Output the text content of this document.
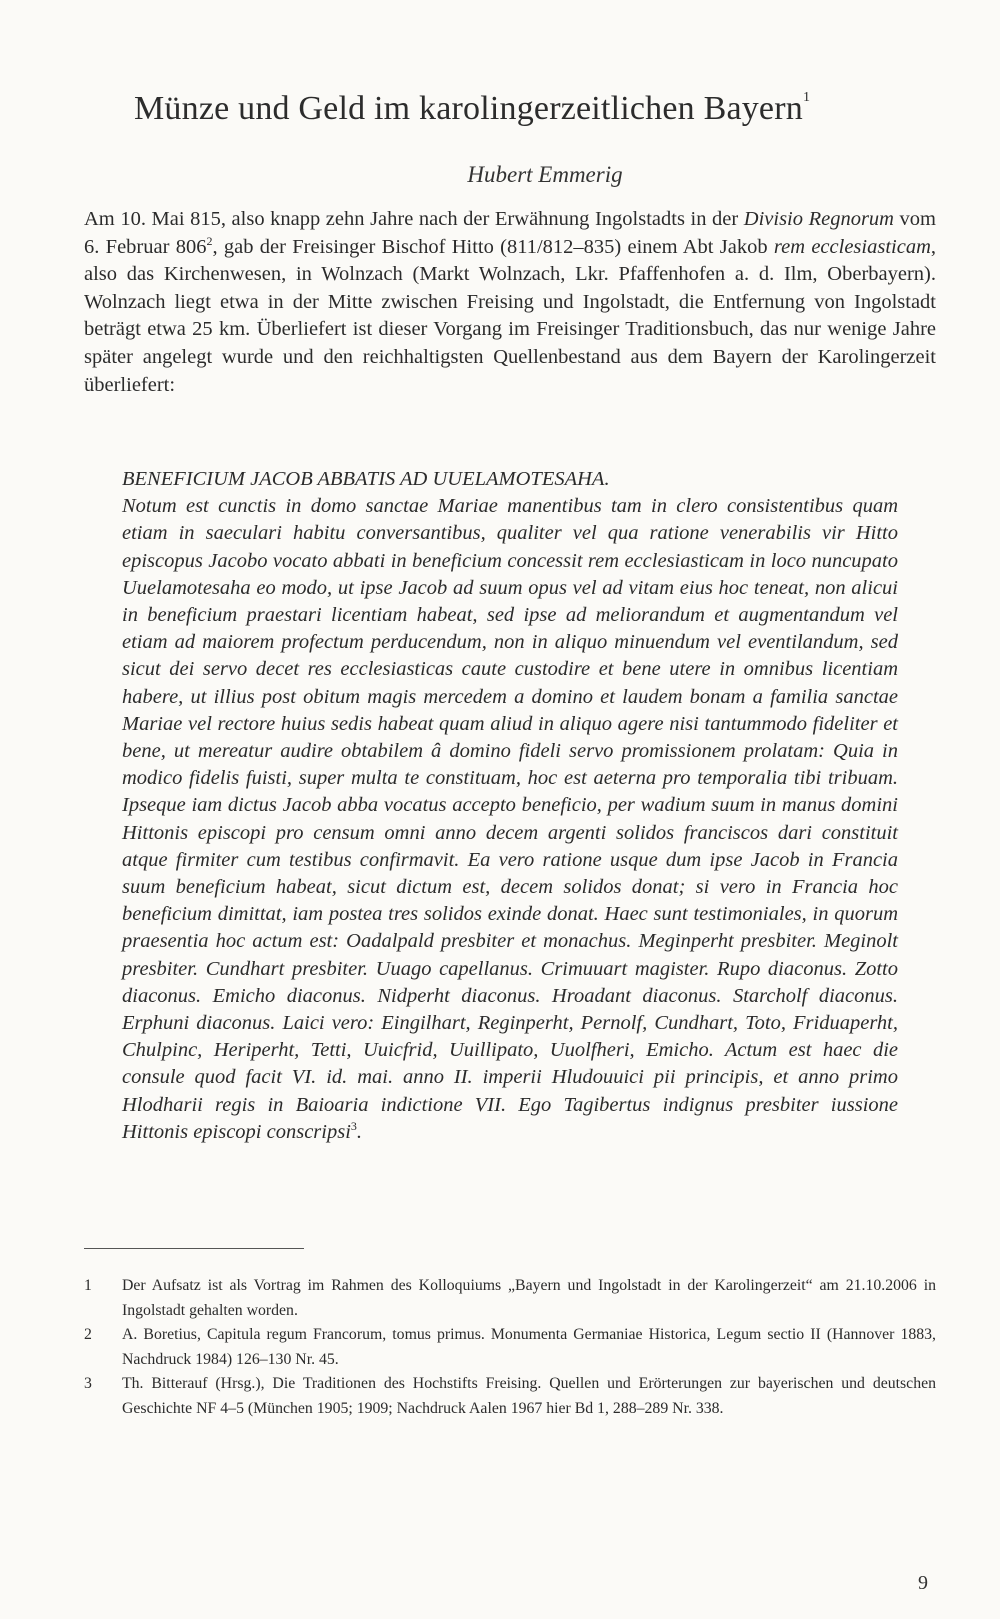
Münze und Geld im karolingerzeitlichen Bayern$^1$
Hubert Emmerig

Am 10. Mai 815, also knapp zehn Jahre nach der Erwähnung Ingolstadts in der Divisio Regnorum vom 6. Februar $806^2$, gab der Freisinger Bischof Hitto (811/812–835) einem Abt Jakob rem ecclesiasticam, also das Kirchenwesen, in Wolnzach (Markt Wolnzach, Lkr. Pfaffenhofen a. d. Ilm, Oberbayern). Wolnzach liegt etwa in der Mitte zwischen Freising und Ingolstadt, die Entfernung von Ingolstadt beträgt etwa 25 km. Überliefert ist dieser Vorgang im Freisinger Traditionsbuch, das nur wenige Jahre später angelegt wurde und den reichhaltigsten Quellenbestand aus dem Bayern der Karolingerzeit überliefert:

BENEFICIUM JACOB ABBATIS AD UUELAMOTESAHA.

Notum est cunctis in domo sanctae Mariae manentibus tam in clero consistentibus quam etiam in saeculari habitu conversantibus, qualiter vel qua ratione venerabilis vir Hitto episcopus Jacobo vocato abbati in beneficium concessit rem ecclesiasticam in loco nuncupato Uuelamotesaha eo modo, ut ipse Jacob ad suum opus vel ad vitam eius hoc teneat, non alicui in beneficium praestari licentiam habeat, sed ipse ad meliorandum et augmentandum vel etiam ad maiorem profectum perducendum, non in aliquo minuendum vel eventilandum, sed sicut dei servo decet res ecclesiasticas caute custodire et bene utere in omnibus licentiam habere, ut illius post obitum magis mercedem a domino et laudem bonam a familia sanctae Mariae vel rectore huius sedis habeat quam aliud in aliquo agere nisi tantummodo fideliter et bene, ut mereatur audire obtabilem â domino fideli servo promissionem prolatam: Quia in modico fidelis fuisti, super multa te constituam, hoc est aeterna pro temporalia tibi tribuam. Ipseque iam dictus Jacob abba vocatus accepto beneficio, per wadium suum in manus domini Hittonis episcopi pro censum omni anno decem argenti solidos franciscos dari constituit atque firmiter cum testibus confirmavit. Ea vero ratione usque dum ipse Jacob in Francia suum beneficium habeat, sicut dictum est, decem solidos donat; si vero in Francia hoc beneficium dimittat, iam postea tres solidos exinde donat. Haec sunt testimoniales, in quorum praesentia hoc actum est: Oadalpald presbiter et monachus. Meginperht presbiter. Meginolt presbiter. Cundhart presbiter. Uuago capellanus. Crimuuart magister. Rupo diaconus. Zotto diaconus. Emicho diaconus. Nidperht diaconus. Hroadant diaconus. Starcholf diaconus. Erphuni diaconus. Laici vero: Eingilhart, Reginperht, Pernolf, Cundhart, Toto, Friduaperht, Chulpinc, Heriperht, Tetti, Uuicfrid, Uuillipato, Uuolfheri, Emicho. Actum est haec die consule quod facit VI. id. mai. anno II. imperii Hludouuici pii principis, et anno primo Hlodharii regis in Baioaria indictione VII. Ego Tagibertus indignus presbiter iussione Hittonis episcopi conscripsi$^3$.

1	Der Aufsatz ist als Vortrag im Rahmen des Kolloquiums „Bayern und Ingolstadt in der Karolingerzeit“ am 21.10.2006 in Ingolstadt gehalten worden.
2	A. Boretius, Capitula regum Francorum, tomus primus. Monumenta Germaniae Historica, Legum sectio II (Hannover 1883, Nachdruck 1984) 126–130 Nr. 45.
3	Th. Bitterauf (Hrsg.), Die Traditionen des Hochstifts Freising. Quellen und Erörterungen zur bayerischen und deutschen Geschichte NF 4–5 (München 1905; 1909; Nachdruck Aalen 1967 hier Bd 1, 288–289 Nr. 338.
9
